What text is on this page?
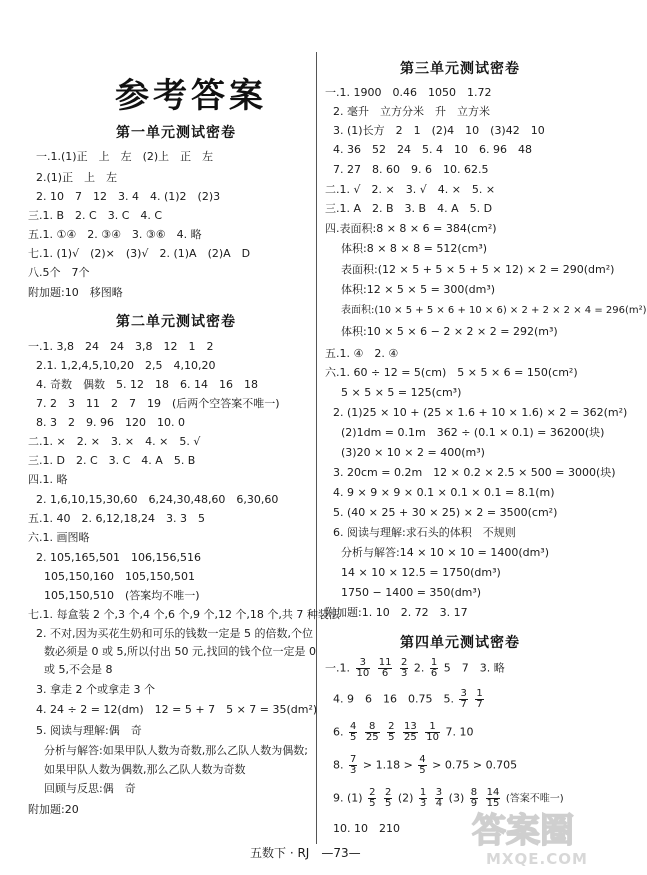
参考答案
第一单元测试密卷
一.1.(1)正　上　左　(2)上　正　左
2.(1)正　上　左
2. 10　7　12　3. 4　4. (1)2　(2)3
三.1. B　2. C　3. C　4. C
五.1. ①④　2. ③④　3. ③⑥　4. 略
七.1. (1)√　(2)×　(3)√　2. (1)A　(2)A　D
八.5个　7个
附加题:10　移图略
第二单元测试密卷
一.1. 3,8　24　24　3,8　12　1　2
2.1. 1,2,4,5,10,20　2,5　4,10,20
4. 奇数　偶数　5. 12　18　6. 14　16　18
7. 2　3　11　2　7　19　(后两个空答案不唯一)
8. 3　2　9. 96　120　10. 0
二.1. ×　2. ×　3. ×　4. ×　5. √
三.1. D　2. C　3. C　4. A　5. B
四.1. 略
2. 1,6,10,15,30,60　6,24,30,48,60　6,30,60
五.1. 40　2. 6,12,18,24　3. 3　5
六.1. 画图略
2. 105,165,501　106,156,516
105,150,160　105,150,501
105,150,510　(答案均不唯一)
七.1. 每盒装 2 个,3 个,4 个,6 个,9 个,12 个,18 个,共 7 种装法
2. 不对,因为买花生奶和可乐的钱数一定是 5 的倍数,个位
数必须是 0 或 5,所以付出 50 元,找回的钱个位一定是 0
或 5,不会是 8
3. 拿走 2 个或拿走 3 个
4. 24 ÷ 2 = 12(dm)　12 = 5 + 7　5 × 7 = 35(dm²)
5. 阅读与理解:偶　奇
分析与解答:如果甲队人数为奇数,那么乙队人数为偶数;
如果甲队人数为偶数,那么乙队人数为奇数
回顾与反思:偶　奇
附加题:20
第三单元测试密卷
一.1. 1900　0.46　1050　1.72
2. 毫升　立方分米　升　立方米
3. (1)长方　2　1　(2)4　10　(3)42　10
4. 36　52　24　5. 4　10　6. 96　48
7. 27　8. 60　9. 6　10. 62.5
二.1. √　2. ×　3. √　4. ×　5. ×
三.1. A　2. B　3. B　4. A　5. D
四.表面积:8 × 8 × 6 = 384(cm²)
体积:8 × 8 × 8 = 512(cm³)
表面积:(12 × 5 + 5 × 5 + 5 × 12) × 2 = 290(dm²)
体积:12 × 5 × 5 = 300(dm³)
表面积:(10 × 5 + 5 × 6 + 10 × 6) × 2 + 2 × 2 × 4 = 296(m²)
体积:10 × 5 × 6 − 2 × 2 × 2 = 292(m³)
五.1. ④　2. ④
六.1. 60 ÷ 12 = 5(cm)　5 × 5 × 6 = 150(cm²)
5 × 5 × 5 = 125(cm³)
2. (1)25 × 10 + (25 × 1.6 + 10 × 1.6) × 2 = 362(m²)
(2)1dm = 0.1m　362 ÷ (0.1 × 0.1) = 36200(块)
(3)20 × 10 × 2 = 400(m³)
3. 20cm = 0.2m　12 × 0.2 × 2.5 × 500 = 3000(块)
4. 9 × 9 × 9 × 0.1 × 0.1 × 0.1 = 8.1(m)
5. (40 × 25 + 30 × 25) × 2 = 3500(cm²)
6. 阅读与理解:求石头的体积　不规则
分析与解答:14 × 10 × 10 = 1400(dm³)
14 × 10 × 12.5 = 1750(dm³)
1750 − 1400 = 350(dm³)
附加题:1. 10　2. 72　3. 17
第四单元测试密卷
一.1. $\frac{3}{10}$
$\frac{11}{6}$
$\frac{2}{3} 2$. $\frac{1}{6} 5$　7　3. 略
4. 9　6　16　0.75　5. $\frac{3}{7}$
$\frac{1}{7}$
6. $\frac{4}{5}$
$\frac{8}{25}$
$\frac{2}{5}$
$\frac{13}{25}$
$\frac{1}{10} 7$. 10
8. $\frac{7}{3} > 1.18 > \frac{4}{5} > 0.75 > 0.705$
9. $(1) \frac{2}{5}$
$\frac{2}{5} (2) \frac{1}{3}$
$\frac{3}{4} (3) \frac{8}{9}$
$\frac{14}{15}$ (答案不唯一)
10. 10　210
五数下 · RJ　—73—
答案圈
MXQE.COM
